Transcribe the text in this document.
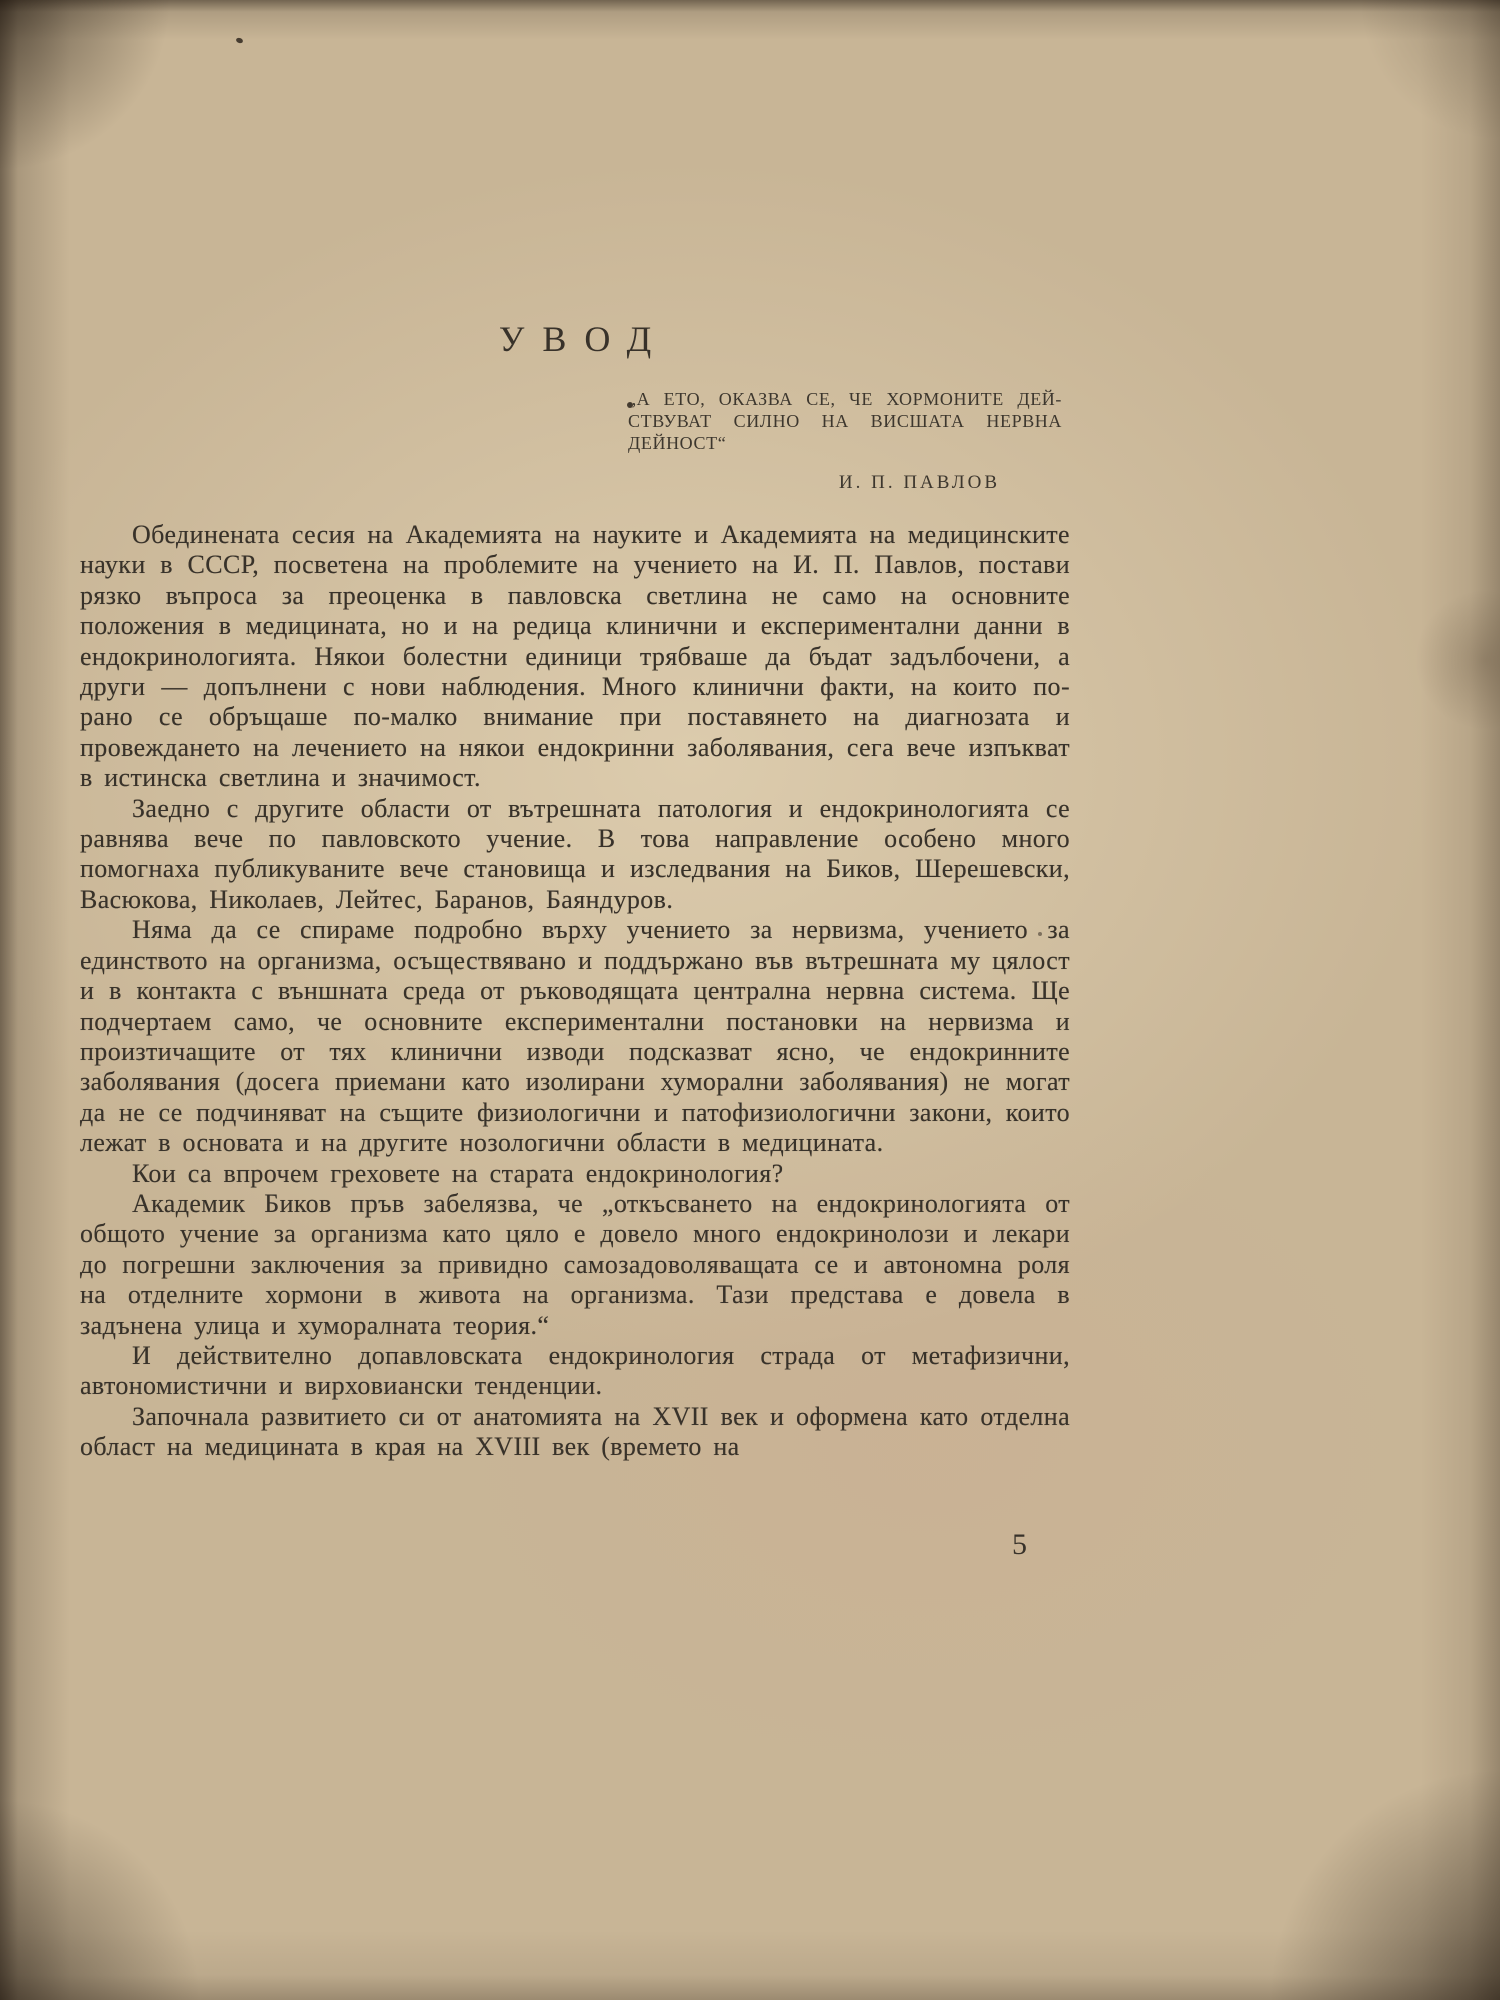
УВОД
„А ЕТО, ОКАЗВА СЕ, ЧЕ ХОРМОНИТЕ ДЕЙ-
СТВУВАТ СИЛНО НА ВИСШАТА НЕРВНА
ДЕЙНОСТ“
И. П. ПАВЛОВ

Обединената сесия на Академията на науките и Академията на медицинските науки в СССР, посветена на проблемите на учението на И. П. Павлов, постави рязко въпроса за преоценка в павловска светлина не само на основните положения в медицината, но и на редица клинични и експериментални данни в ендокринологията. Някои болестни единици трябваше да бъдат задълбочени, а други — допълнени с нови наблюдения. Много клинични факти, на които по-рано се обръщаше по-малко внимание при поставянето на диагнозата и провеждането на лечението на някои ендокринни заболявания, сега вече изпъкват в истинска светлина и значимост.

Заедно с другите области от вътрешната патология и ендокринологията се равнява вече по павловското учение. В това направление особено много помогнаха публикуваните вече становища и изследвания на Биков, Шерешевски, Васюкова, Николаев, Лейтес, Баранов, Баяндуров.

Няма да се спираме подробно върху учението за нервизма, учението за единството на организма, осъществявано и поддържано във вътрешната му цялост и в контакта с външната среда от ръководящата централна нервна система. Ще подчертаем само, че основните експериментални постановки на нервизма и произтичащите от тях клинични изводи подсказват ясно, че ендокринните заболявания (досега приемани като изолирани хуморални заболявания) не могат да не се подчиняват на същите физиологични и патофизиологични закони, които лежат в основата и на другите нозологични области в медицината.

Кои са впрочем греховете на старата ендокринология?

Академик Биков пръв забелязва, че „откъсването на ендокринологията от общото учение за организма като цяло е довело много ендокринолози и лекари до погрешни заключения за привидно самозадоволяващата се и автономна роля на отделните хормони в живота на организма. Тази представа е довела в задънена улица и хуморалната теория.“

И действително допавловската ендокринология страда от метафизични, автономистични и вирховиански тенденции.

Започнала развитието си от анатомията на XVII век и оформена като отделна област на медицината в края на XVIII век (времето на

5
